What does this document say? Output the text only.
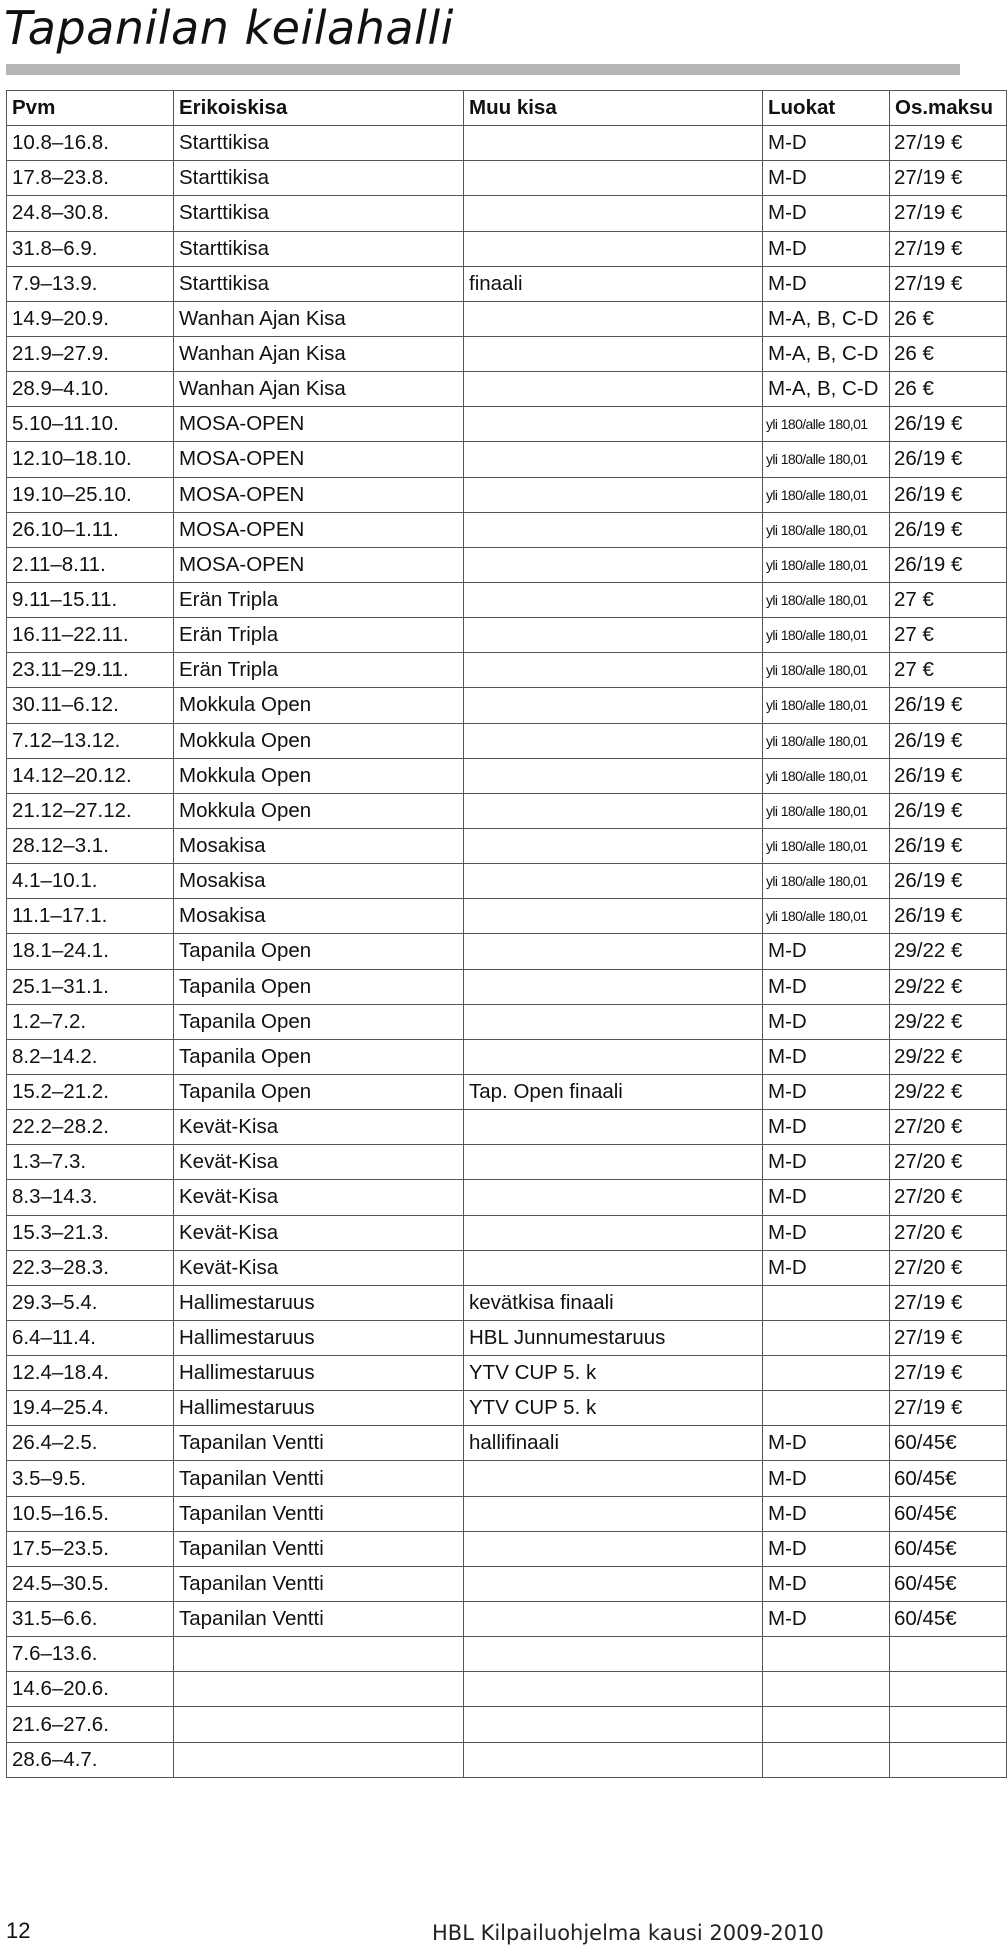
Tapanilan keilahalli
Pvm	Erikoiskisa	Muu kisa	Luokat	Os.maksu
10.8–16.8.	Starttikisa		M-D	27/19 €
17.8–23.8.	Starttikisa		M-D	27/19 €
24.8–30.8.	Starttikisa		M-D	27/19 €
31.8–6.9.	Starttikisa		M-D	27/19 €
7.9–13.9.	Starttikisa	finaali	M-D	27/19 €
14.9–20.9.	Wanhan Ajan Kisa		M-A, B, C-D	26 €
21.9–27.9.	Wanhan Ajan Kisa		M-A, B, C-D	26 €
28.9–4.10.	Wanhan Ajan Kisa		M-A, B, C-D	26 €
5.10–11.10.	MOSA-OPEN		yli 180/alle 180,01	26/19 €
12.10–18.10.	MOSA-OPEN		yli 180/alle 180,01	26/19 €
19.10–25.10.	MOSA-OPEN		yli 180/alle 180,01	26/19 €
26.10–1.11.	MOSA-OPEN		yli 180/alle 180,01	26/19 €
2.11–8.11.	MOSA-OPEN		yli 180/alle 180,01	26/19 €
9.11–15.11.	Erän Tripla		yli 180/alle 180,01	27 €
16.11–22.11.	Erän Tripla		yli 180/alle 180,01	27 €
23.11–29.11.	Erän Tripla		yli 180/alle 180,01	27 €
30.11–6.12.	Mokkula Open		yli 180/alle 180,01	26/19 €
7.12–13.12.	Mokkula Open		yli 180/alle 180,01	26/19 €
14.12–20.12.	Mokkula Open		yli 180/alle 180,01	26/19 €
21.12–27.12.	Mokkula Open		yli 180/alle 180,01	26/19 €
28.12–3.1.	Mosakisa		yli 180/alle 180,01	26/19 €
4.1–10.1.	Mosakisa		yli 180/alle 180,01	26/19 €
11.1–17.1.	Mosakisa		yli 180/alle 180,01	26/19 €
18.1–24.1.	Tapanila Open		M-D	29/22 €
25.1–31.1.	Tapanila Open		M-D	29/22 €
1.2–7.2.	Tapanila Open		M-D	29/22 €
8.2–14.2.	Tapanila Open		M-D	29/22 €
15.2–21.2.	Tapanila Open	Tap. Open finaali	M-D	29/22 €
22.2–28.2.	Kevät-Kisa		M-D	27/20 €
1.3–7.3.	Kevät-Kisa		M-D	27/20 €
8.3–14.3.	Kevät-Kisa		M-D	27/20 €
15.3–21.3.	Kevät-Kisa		M-D	27/20 €
22.3–28.3.	Kevät-Kisa		M-D	27/20 €
29.3–5.4.	Hallimestaruus	kevätkisa finaali		27/19 €
6.4–11.4.	Hallimestaruus	HBL Junnumestaruus		27/19 €
12.4–18.4.	Hallimestaruus	YTV CUP 5. k		27/19 €
19.4–25.4.	Hallimestaruus	YTV CUP 5. k		27/19 €
26.4–2.5.	Tapanilan Ventti	hallifinaali	M-D	60/45€
3.5–9.5.	Tapanilan Ventti		M-D	60/45€
10.5–16.5.	Tapanilan Ventti		M-D	60/45€
17.5–23.5.	Tapanilan Ventti		M-D	60/45€
24.5–30.5.	Tapanilan Ventti		M-D	60/45€
31.5–6.6.	Tapanilan Ventti		M-D	60/45€
7.6–13.6.				
14.6–20.6.				
21.6–27.6.				
28.6–4.7.				
12	HBL Kilpailuohjelma kausi 2009-2010
